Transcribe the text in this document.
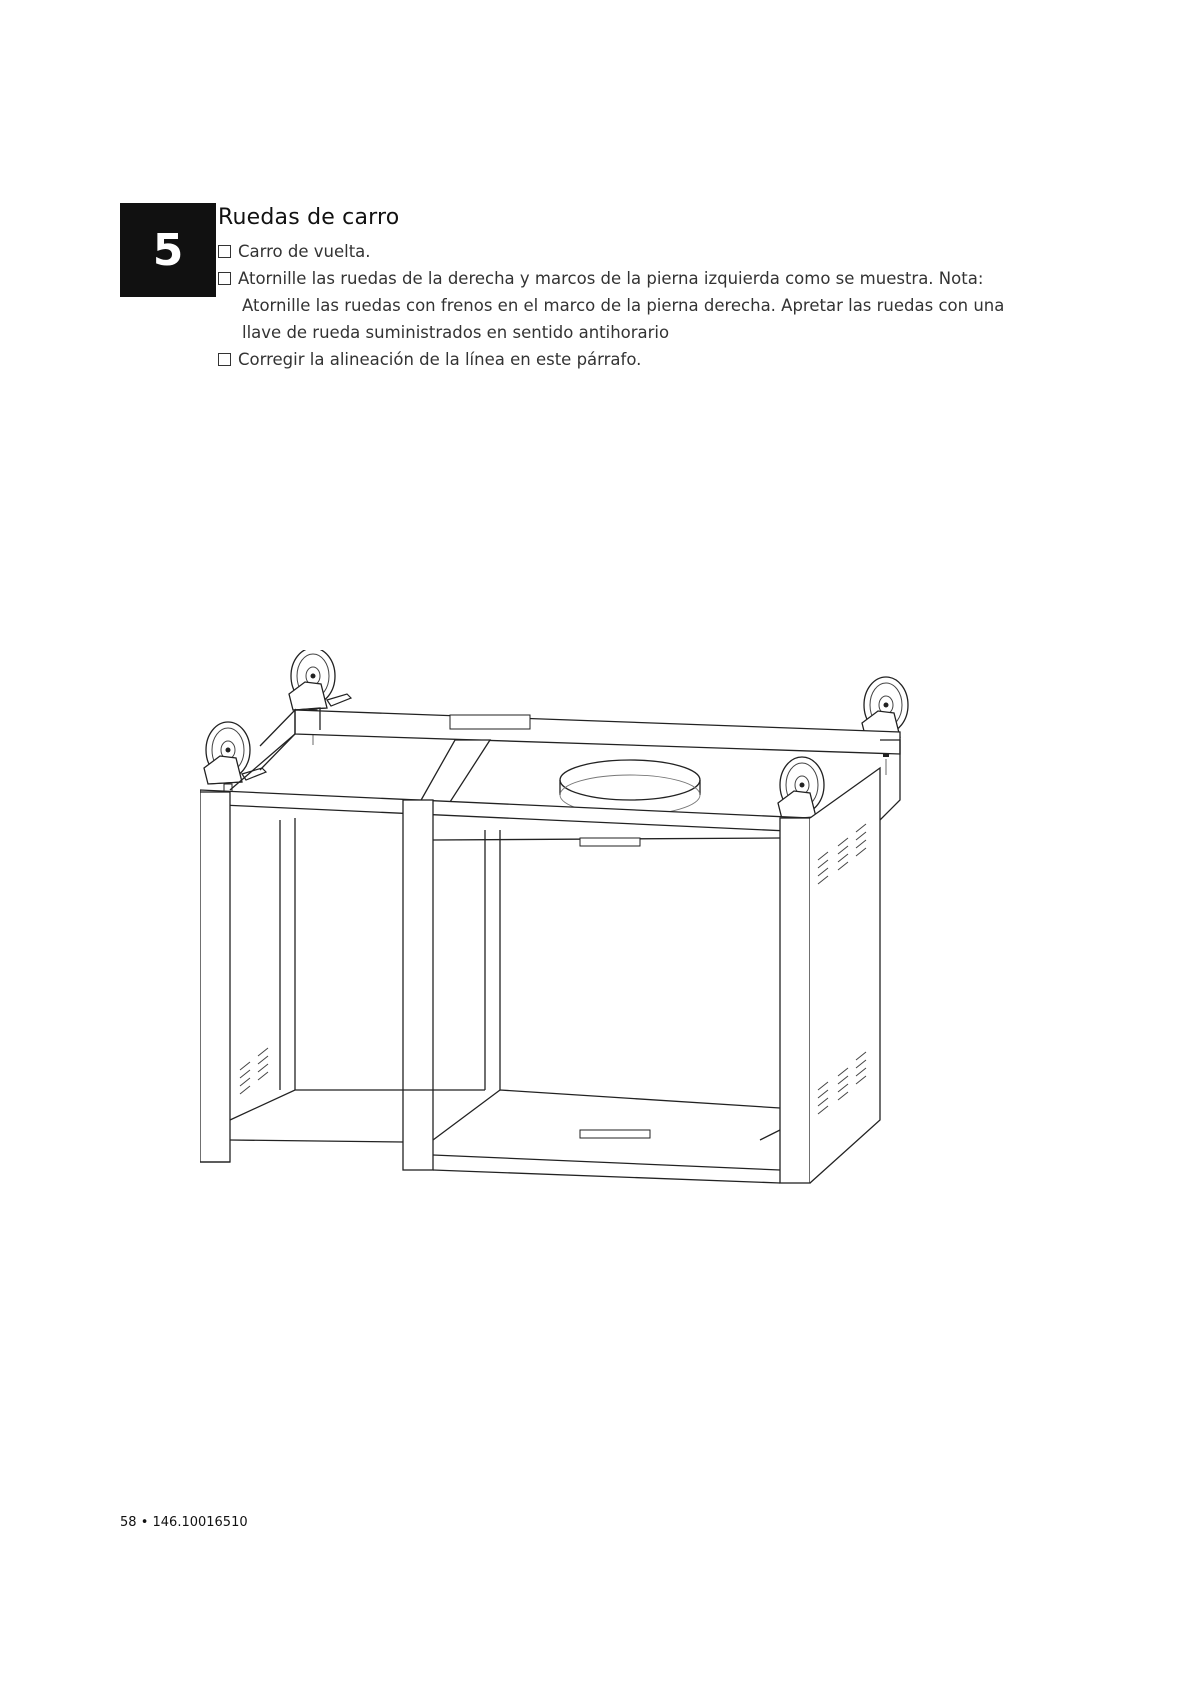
5
Ruedas de carro
Carro de vuelta.
Atornille las ruedas de la derecha y marcos de la pierna izquierda como se muestra. Nota:
Atornille las ruedas con frenos en el marco de la pierna derecha. Apretar las ruedas con una
llave de rueda suministrados en sentido antihorario
Corregir la alineación de la línea en este párrafo.
58 • 146.10016510
